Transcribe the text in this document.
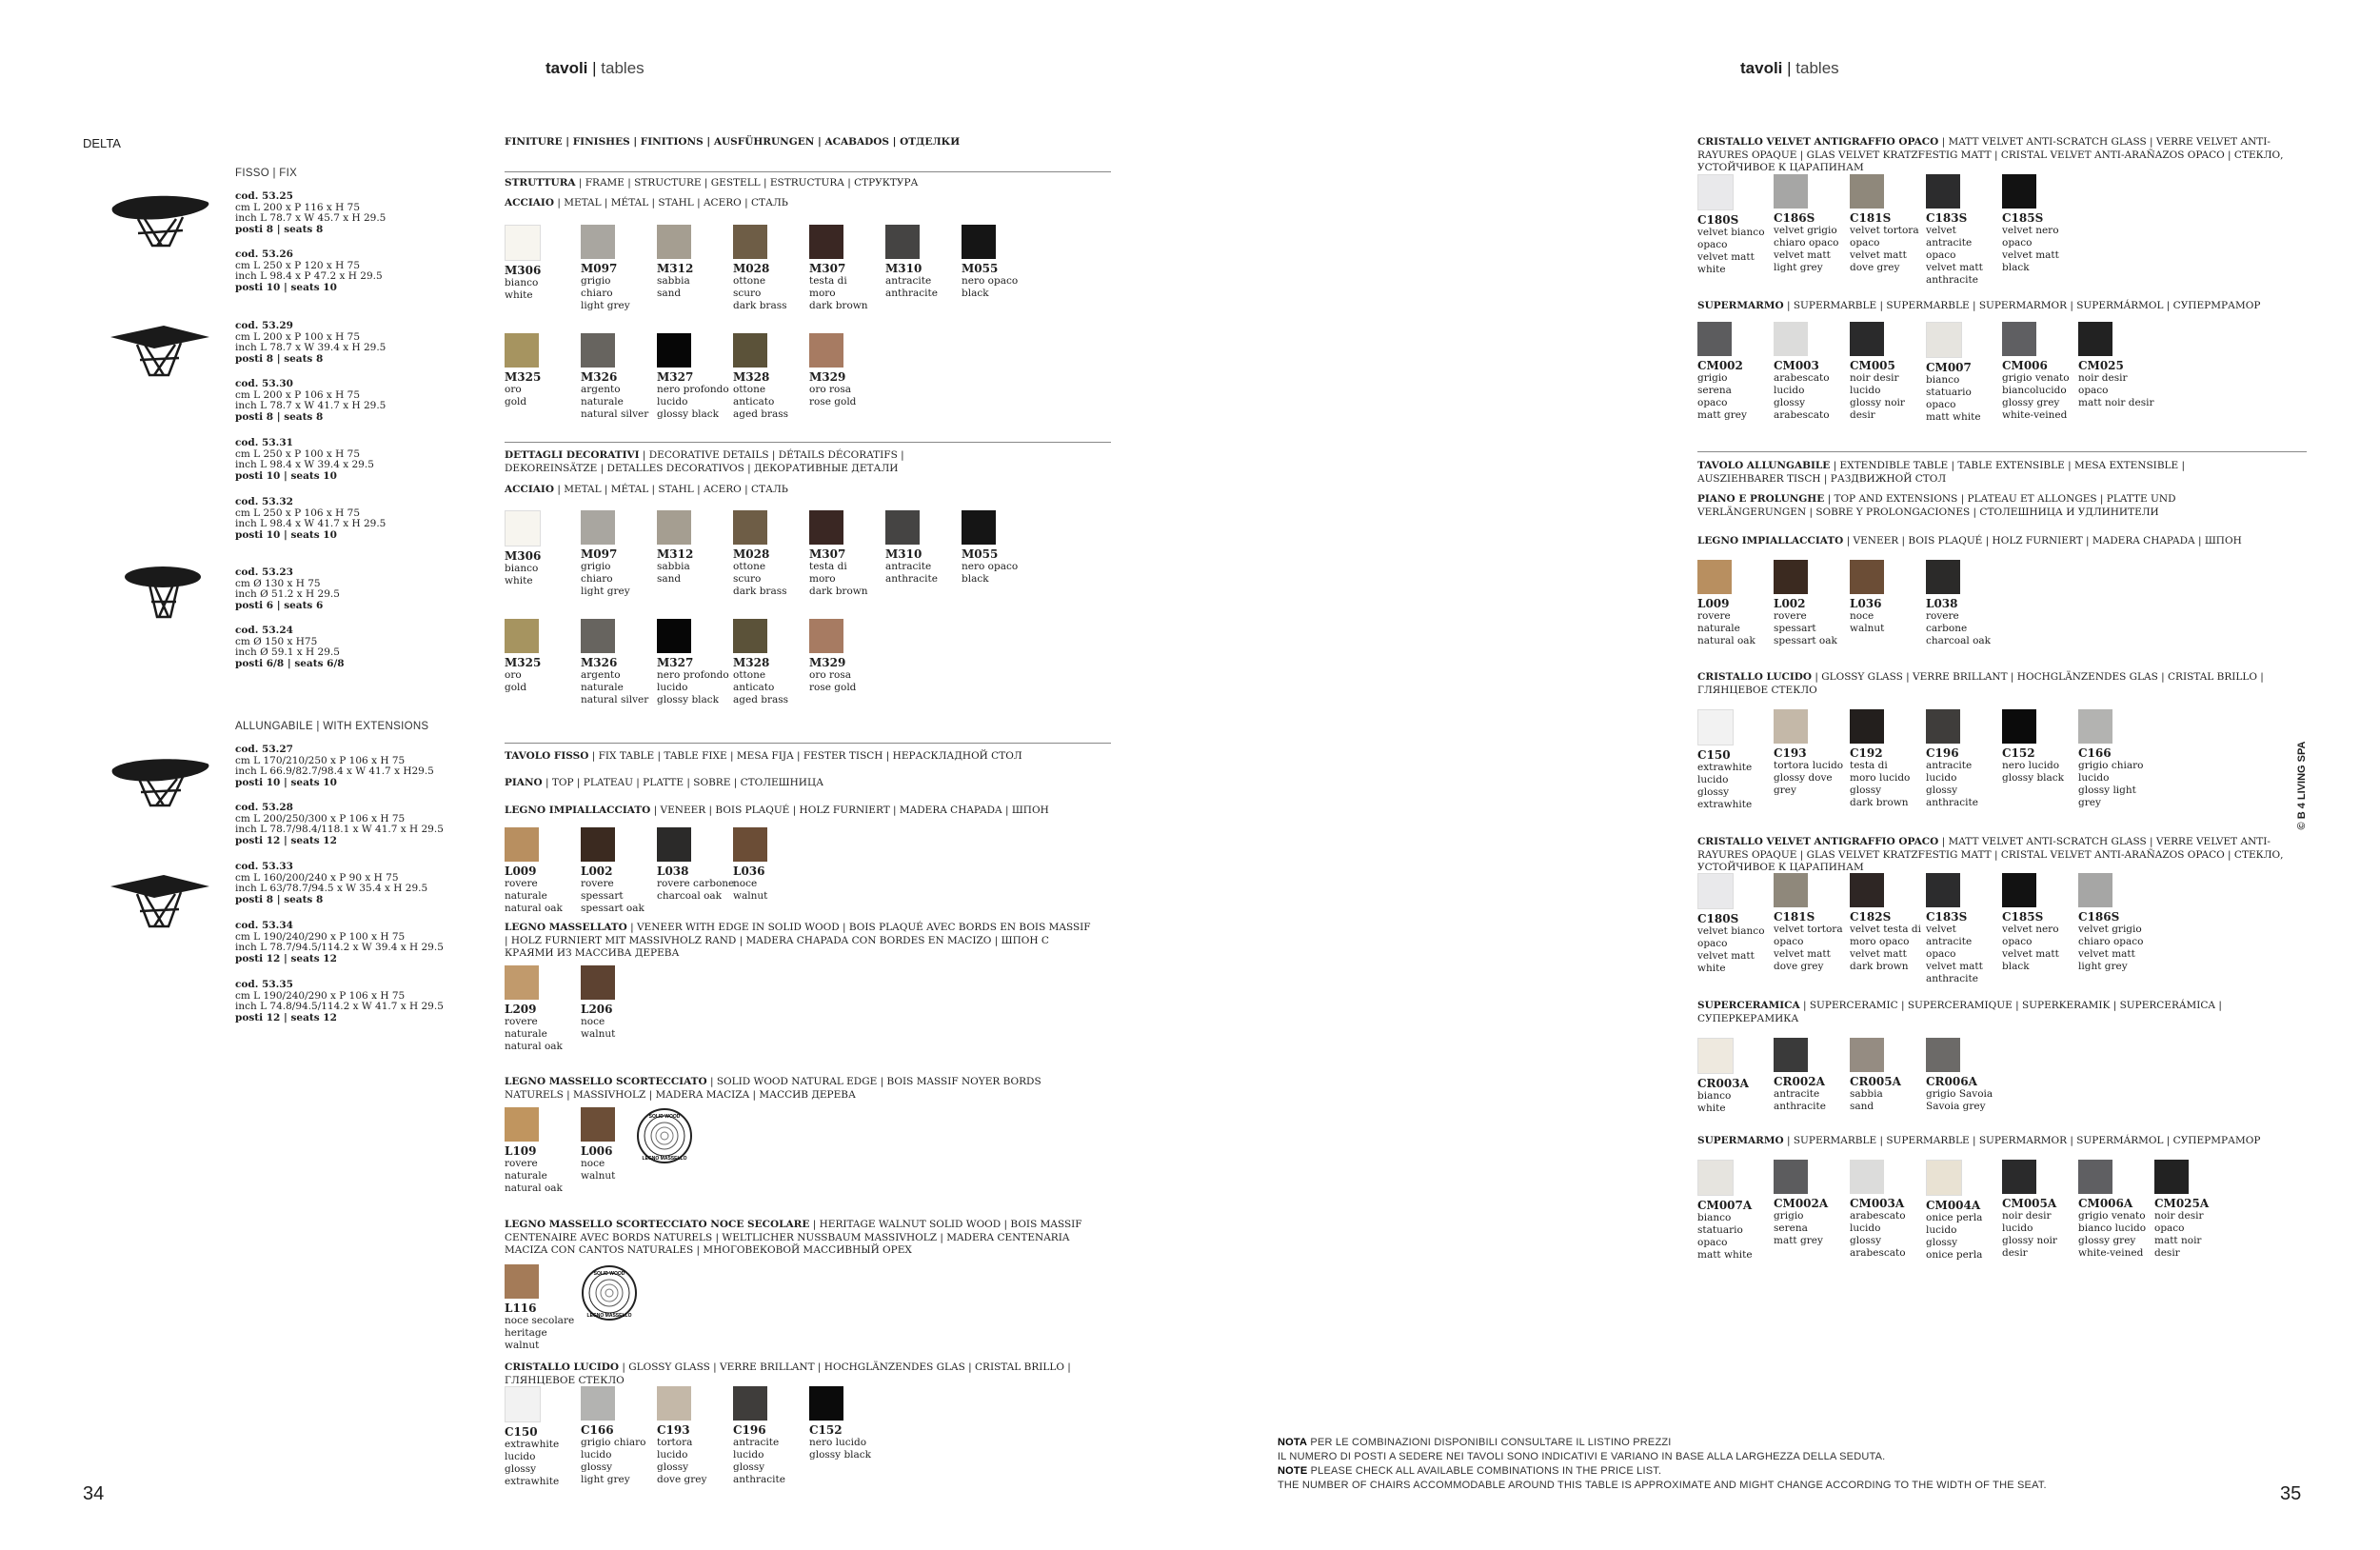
tavoli | tables	tavoli | tables
DELTA
FISSO | FIX
ALLUNGABILE | WITH EXTENSIONS
cod. 53.25
cm L 200 x P 116 x H 75
inch L 78.7 x W 45.7 x H 29.5
posti 8 | seats 8
cod. 53.26
cm L 250 x P 120 x H 75
inch L 98.4 x P 47.2 x H 29.5
posti 10 | seats 10
cod. 53.29
cm L 200 x P 100 x H 75
inch L 78.7 x W 39.4 x H 29.5
posti 8 | seats 8
cod. 53.30
cm L 200 x P 106 x H 75
inch L 78.7 x W 41.7 x H 29.5
posti 8 | seats 8
cod. 53.31
cm L 250 x P 100 x H 75
inch L 98.4 x W 39.4 x 29.5
posti 10 | seats 10
cod. 53.32
cm L 250 x P 106 x H 75
inch L 98.4 x W 41.7 x H 29.5
posti 10 | seats 10
cod. 53.23
cm Ø 130 x H 75
inch Ø 51.2 x H 29.5
posti 6 | seats 6
cod. 53.24
cm Ø 150 x H75
inch Ø 59.1 x H 29.5
posti 6/8 | seats 6/8
cod. 53.27
cm L 170/210/250 x P 106 x H 75
inch L 66.9/82.7/98.4 x W 41.7 x H29.5
posti 10 | seats 10
cod. 53.28
cm L 200/250/300 x P 106 x H 75
inch L 78.7/98.4/118.1 x W 41.7 x H 29.5
posti 12 | seats 12
cod. 53.33
cm L 160/200/240 x P 90 x H 75
inch L 63/78.7/94.5 x W 35.4 x H 29.5
posti 8 | seats 8
cod. 53.34
cm L 190/240/290 x P 100 x H 75
inch L 78.7/94.5/114.2 x W 39.4 x H 29.5
posti 12 | seats 12
cod. 53.35
cm L 190/240/290 x P 106 x H 75
inch L 74.8/94.5/114.2 x W 41.7 x H 29.5
posti 12 | seats 12
FINITURE | FINISHES | FINITIONS | AUSFÜHRUNGEN | ACABADOS | ОТДЕЛКИ
STRUTTURA | FRAME | STRUCTURE | GESTELL | ESTRUCTURA | СТРУКТУРА
ACCIAIO | METAL | MÉTAL | STAHL | ACERO | СТАЛЬ
M306
bianco
white
M097
grigio
chiaro
light grey
M312
sabbia
sand
M028
ottone
scuro
dark brass
M307
testa di
moro
dark brown
M310
antracite
anthracite
M055
nero opaco
black
M325
oro
gold
M326
argento
naturale
natural silver
M327
nero profondo
lucido
glossy black
M328
ottone
anticato
aged brass
M329
oro rosa
rose gold
DETTAGLI DECORATIVI | DECORATIVE DETAILS | DÉTAILS DÉCORATIFS | DEKOREINSÄTZE | DETALLES DECORATIVOS | ДЕКОРАТИВНЫЕ ДЕТАЛИ
ACCIAIO | METAL | MÉTAL | STAHL | ACERO | СТАЛЬ
M306
bianco
white
M097
grigio
chiaro
light grey
M312
sabbia
sand
M028
ottone
scuro
dark brass
M307
testa di
moro
dark brown
M310
antracite
anthracite
M055
nero opaco
black
M325
oro
gold
M326
argento
naturale
natural silver
M327
nero profondo
lucido
glossy black
M328
ottone
anticato
aged brass
M329
oro rosa
rose gold
TAVOLO FISSO | FIX TABLE | TABLE FIXE | MESA FIJA | FESTER TISCH | НЕРАСКЛАДНОЙ СТОЛ
PIANO | TOP | PLATEAU | PLATTE | SOBRE | СТОЛЕШНИЦА
LEGNO IMPIALLACCIATO | VENEER | BOIS PLAQUÉ | HOLZ FURNIERT | MADERA CHAPADA | ШПОН
L009
rovere naturale
natural oak
L002
rovere spessart
spessart oak
L038
rovere carbone
charcoal oak
L036
noce
walnut
LEGNO MASSELLATO | VENEER WITH EDGE IN SOLID WOOD | BOIS PLAQUÉ AVEC BORDS EN BOIS MASSIF | HOLZ FURNIERT MIT MASSIVHOLZ RAND | MADERA CHAPADA CON BORDES EN MACIZO | ШПОН С КРАЯМИ ИЗ МАССИВА ДЕРЕВА
L209
rovere
naturale
natural oak
L206
noce
walnut
LEGNO MASSELLO SCORTECCIATO | SOLID WOOD NATURAL EDGE | BOIS MASSIF NOYER BORDS NATURELS | MASSIVHOLZ | MADERA MACIZA | МАССИВ ДЕРЕВА
L109
rovere
naturale
natural oak
L006
noce
walnut
LEGNO MASSELLO SCORTECCIATO NOCE SECOLARE | HERITAGE WALNUT SOLID WOOD | BOIS MASSIF CENTENAIRE AVEC BORDS NATURELS | WELTLICHER NUSSBAUM MASSIVHOLZ | MADERA CENTENARIA MACIZA CON CANTOS NATURALES | МНОГОВЕКОВОЙ МАССИВНЫЙ ОРЕХ
L116
noce secolare
heritage walnut
CRISTALLO LUCIDO | GLOSSY GLASS | VERRE BRILLANT | HOCHGLÄNZENDES GLAS | CRISTAL BRILLO | ГЛЯНЦЕВОЕ СТЕКЛО
C150
extrawhite
lucido
glossy
extrawhite
C166
grigio chiaro
lucido
glossy
light grey
C193
tortora
lucido
glossy
dove grey
C196
antracite
lucido
glossy
anthracite
C152
nero lucido
glossy black
SOLID WOOD
LEGNO MASSELLO
SOLID WOOD
LEGNO MASSELLO
CRISTALLO VELVET ANTIGRAFFIO OPACO | MATT VELVET ANTI-SCRATCH GLASS | VERRE VELVET ANTI-RAYURES OPAQUE | GLAS VELVET KRATZFESTIG MATT | CRISTAL VELVET ANTI-ARAÑAZOS OPACO | СТЕКЛО, УСТОЙЧИВОЕ К ЦАРАПИНАМ
C180S
velvet bianco
opaco
velvet matt
white
C186S
velvet grigio
chiaro opaco
velvet matt
light grey
C181S
velvet tortora
opaco
velvet matt
dove grey
C183S
velvet antracite
opaco
velvet matt
anthracite
C185S
velvet nero
opaco
velvet matt
black
SUPERMARMO | SUPERMARBLE | SUPERMARBLE | SUPERMARMOR | SUPERMÁRMOL | СУПЕРМРАМОР
CM002
grigio
serena
opaco
matt grey
CM003
arabescato
lucido
glossy
arabescato
CM005
noir desir
lucido
glossy noir
desir
CM007
bianco
statuario
opaco
matt white
CM006
grigio venato
biancolucido
glossy grey
white-veined
CM025
noir desir opaco
matt noir desir
TAVOLO ALLUNGABILE | EXTENDIBLE TABLE | TABLE EXTENSIBLE | MESA EXTENSIBLE | AUSZIEHBARER TISCH | РАЗДВИЖНОЙ СТОЛ
PIANO E PROLUNGHE | TOP AND EXTENSIONS | PLATEAU ET ALLONGES | PLATTE UND VERLÄNGERUNGEN | SOBRE Y PROLONGACIONES | СТОЛЕШНИЦА И УДЛИНИТЕЛИ
LEGNO IMPIALLACCIATO | VENEER | BOIS PLAQUÉ | HOLZ FURNIERT | MADERA CHAPADA | ШПОН
L009
rovere
naturale
natural oak
L002
rovere
spessart
spessart oak
L036
noce
walnut
L038
rovere
carbone
charcoal oak
CRISTALLO LUCIDO | GLOSSY GLASS | VERRE BRILLANT | HOCHGLÄNZENDES GLAS | CRISTAL BRILLO | ГЛЯНЦЕВОЕ СТЕКЛО
C150
extrawhite
lucido
glossy
extrawhite
C193
tortora lucido
glossy dove
grey
C192
testa di
moro lucido
glossy
dark brown
C196
antracite
lucido
glossy
anthracite
C152
nero lucido
glossy black
C166
grigio chiaro
lucido
glossy light
grey
CRISTALLO VELVET ANTIGRAFFIO OPACO | MATT VELVET ANTI-SCRATCH GLASS | VERRE VELVET ANTI-RAYURES OPAQUE | GLAS VELVET KRATZFESTIG MATT | CRISTAL VELVET ANTI-ARAÑAZOS OPACO | СТЕКЛО, УСТОЙЧИВОЕ К ЦАРАПИНАМ
C180S
velvet bianco
opaco
velvet matt
white
C181S
velvet tortora
opaco
velvet matt
dove grey
C182S
velvet testa di
moro opaco
velvet matt
dark brown
C183S
velvet antracite
opaco
velvet matt
anthracite
C185S
velvet nero
opaco
velvet matt
black
C186S
velvet grigio
chiaro opaco
velvet matt
light grey
SUPERCERAMICA | SUPERCERAMIC | SUPERCERAMIQUE | SUPERKERAMIK | SUPERCERÁMICA | СУПЕРКЕРАМИКА
CR003A
bianco
white
CR002A
antracite
anthracite
CR005A
sabbia
sand
CR006A
grigio Savoia
Savoia grey
SUPERMARMO | SUPERMARBLE | SUPERMARBLE | SUPERMARMOR | SUPERMÁRMOL | СУПЕРМРАМОР
CM007A
bianco
statuario
opaco
matt white
CM002A
grigio
serena
matt grey
CM003A
arabescato
lucido
glossy
arabescato
CM004A
onice perla
lucido
glossy
onice perla
CM005A
noir desir
lucido
glossy noir
desir
CM006A
grigio venato
bianco lucido
glossy grey
white-veined
CM025A
noir desir
opaco
matt noir
desir
© B 4 LIVING SPA
NOTA PER LE COMBINAZIONI DISPONIBILI CONSULTARE IL LISTINO PREZZI
IL NUMERO DI POSTI A SEDERE NEI TAVOLI SONO INDICATIVI E VARIANO IN BASE ALLA LARGHEZZA DELLA SEDUTA.
NOTE PLEASE CHECK ALL AVAILABLE COMBINATIONS IN THE PRICE LIST.
THE NUMBER OF CHAIRS ACCOMMODABLE AROUND THIS TABLE IS APPROXIMATE AND MIGHT CHANGE ACCORDING TO THE WIDTH OF THE SEAT.
34	35
